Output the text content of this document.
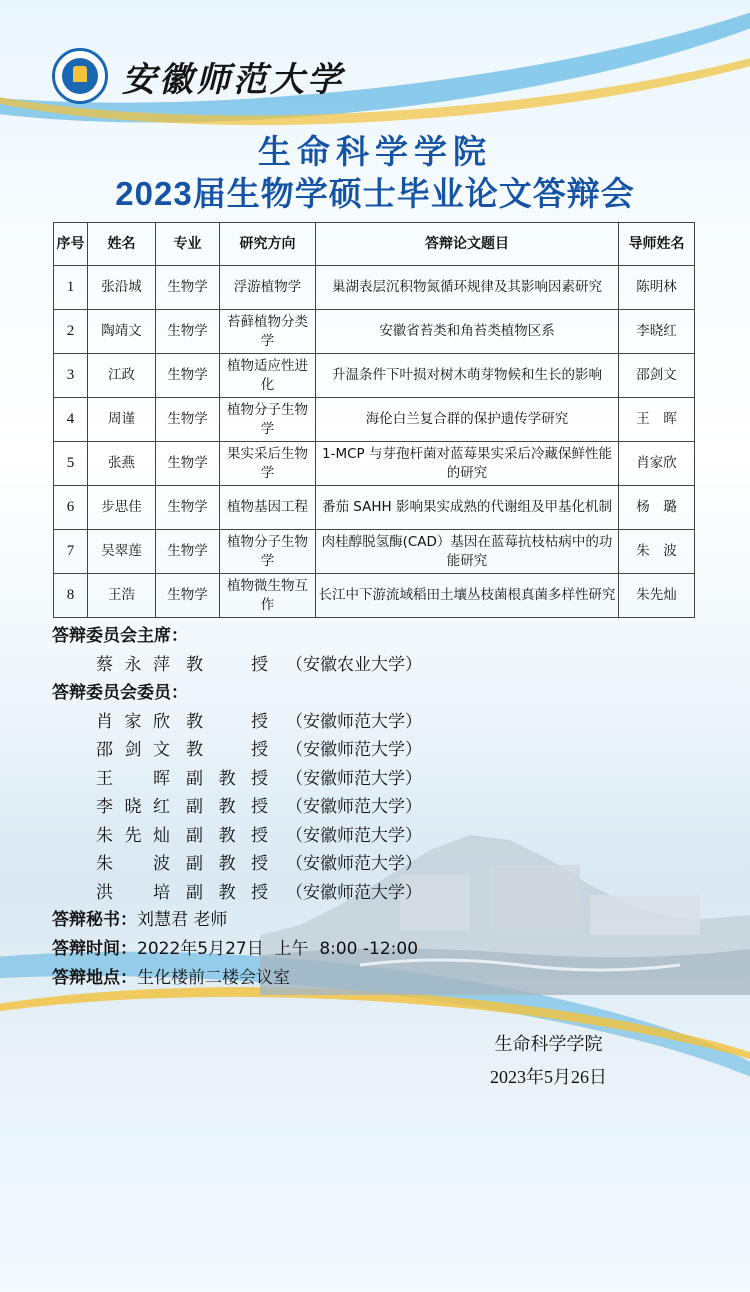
安徽师范大学
生命科学学院
2023届生物学硕士毕业论文答辩会
序号	姓名	专业	研究方向	答辩论文题目	导师姓名
1	张沿城	生物学	浮游植物学	巢湖表层沉积物氮循环规律及其影响因素研究	陈明林
2	陶靖文	生物学	苔藓植物分类学	安徽省苔类和角苔类植物区系	李晓红
3	江政	生物学	植物适应性进化	升温条件下叶损对树木萌芽物候和生长的影响	邵剑文
4	周谨	生物学	植物分子生物学	海伦白兰复合群的保护遗传学研究	王　晖
5	张燕	生物学	果实采后生物学	1-MCP 与芽孢杆菌对蓝莓果实采后冷藏保鲜性能的研究	肖家欣
6	步思佳	生物学	植物基因工程	番茄 SAHH 影响果实成熟的代谢组及甲基化机制	杨　璐
7	吴翠莲	生物学	植物分子生物学	肉桂醇脱氢酶(CAD）基因在蓝莓抗枝枯病中的功能研究	朱　波
8	王浩	生物学	植物微生物互作	长江中下游流域稻田土壤丛枝菌根真菌多样性研究	朱先灿
答辩委员会主席：
蔡永萍 教授 （安徽农业大学）
答辩委员会委员：
肖家欣 教授 （安徽师范大学）
邵剑文 教授 （安徽师范大学）
王晖 副教授 （安徽师范大学）
李晓红 副教授 （安徽师范大学）
朱先灿 副教授 （安徽师范大学）
朱波 副教授 （安徽师范大学）
洪培 副教授 （安徽师范大学）
答辩秘书：刘慧君 老师
答辩时间：2022年5月27日  上午  8:00 -12:00
答辩地点：生化楼前二楼会议室
生命科学学院
2023年5月26日
